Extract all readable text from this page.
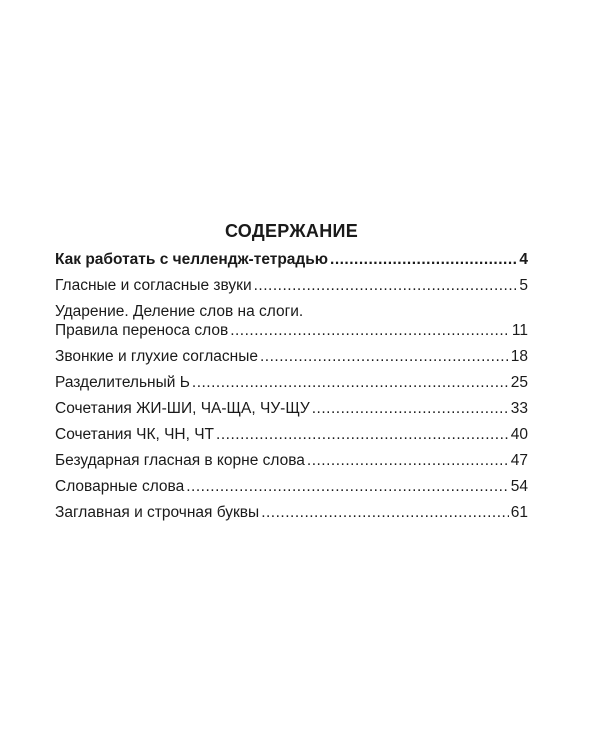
СОДЕРЖАНИЕ
Как работать с челлендж-тетрадью .....	4
Гласные и согласные звуки .....	5
Ударение. Деление слов на слоги.
Правила переноса слов .....	11
Звонкие и глухие согласные .....	18
Разделительный Ь .....	25
Сочетания ЖИ-ШИ, ЧА-ЩА, ЧУ-ЩУ .....	33
Сочетания ЧК, ЧН, ЧТ .....	40
Безударная гласная в корне слова .....	47
Словарные слова .....	54
Заглавная и строчная буквы .....	61
